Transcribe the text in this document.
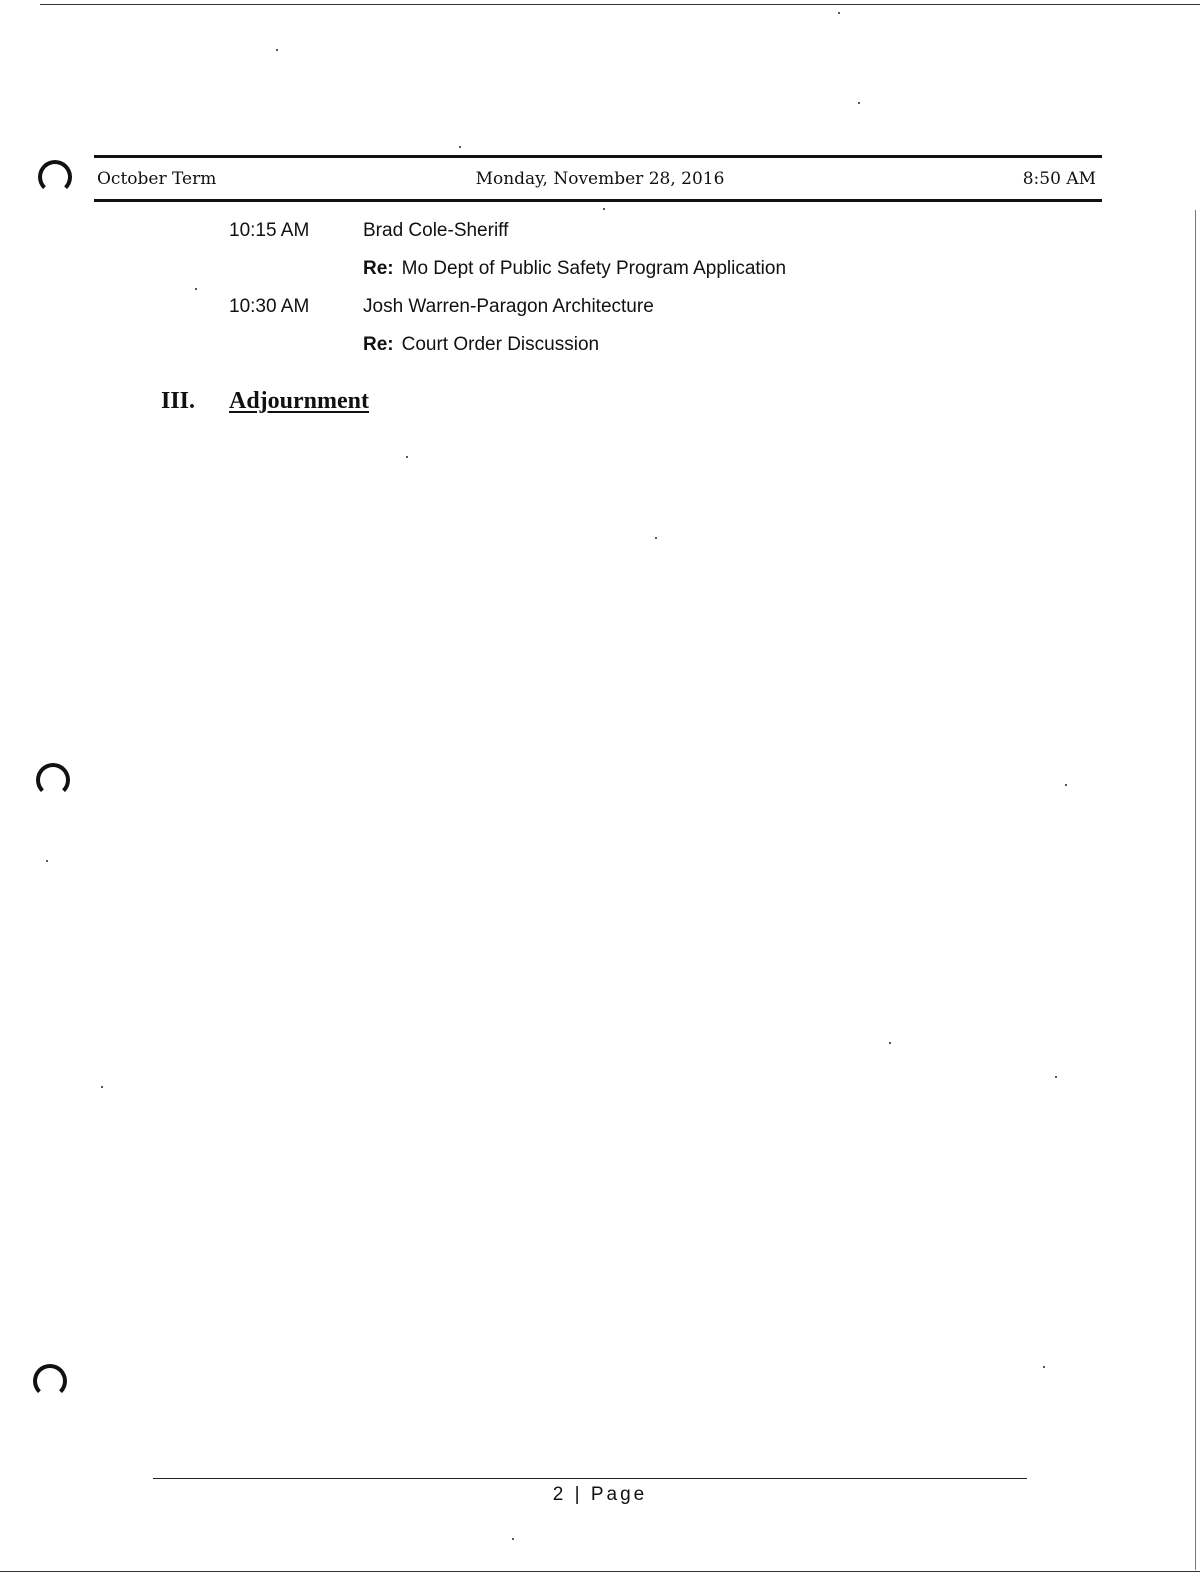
October Term	Monday, November 28, 2016	8:50 AM
10:15 AM	Brad Cole-Sheriff
Re: Mo Dept of Public Safety Program Application
10:30 AM	Josh Warren-Paragon Architecture
Re: Court Order Discussion
III.	Adjournment
2 | Page
